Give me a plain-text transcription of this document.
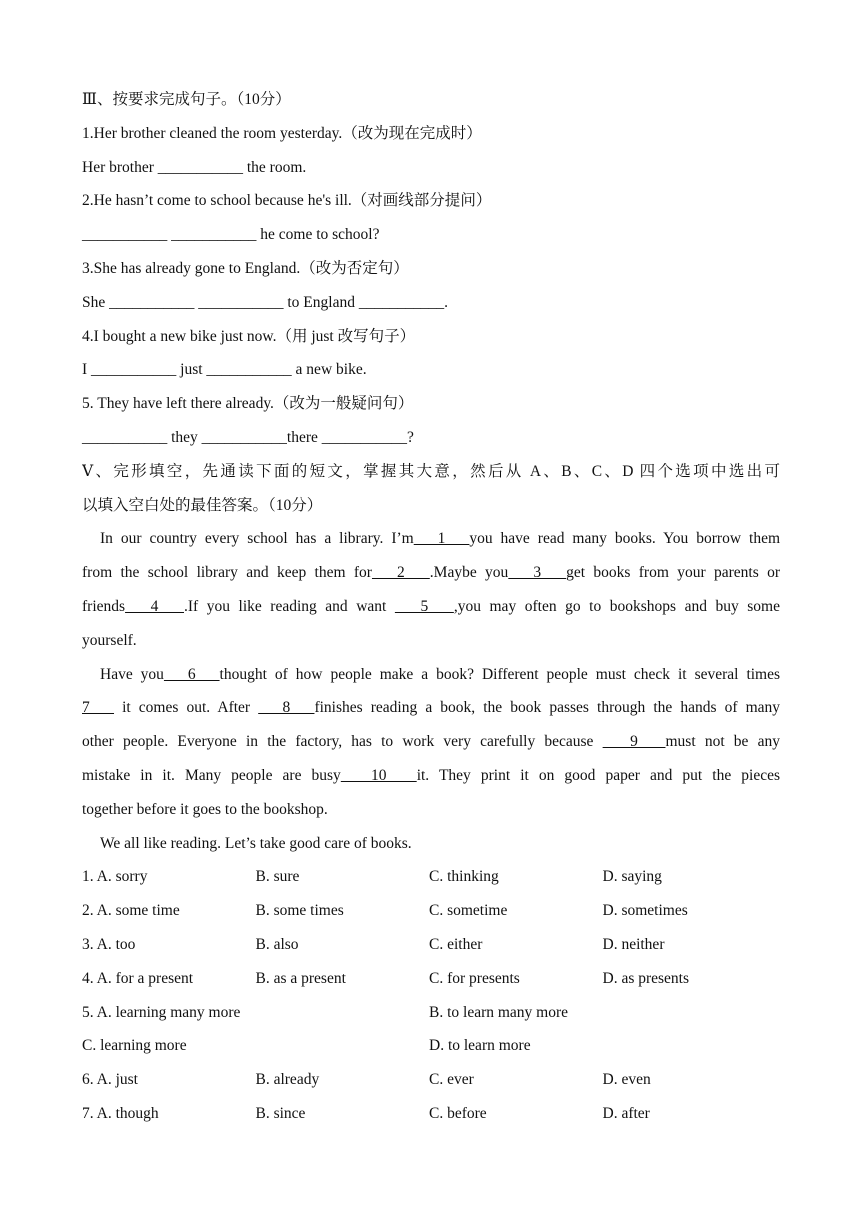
Ⅲ、按要求完成句子。（10分）
1.Her brother cleaned the room yesterday.（改为现在完成时）
Her brother ___________ the room.
2.He hasn’t come to school because he's ill.（对画线部分提问）
___________ ___________ he come to school?
3.She has already gone to England.（改为否定句）
She ___________ ___________ to England ___________.
4.I bought a new bike just now.（用 just 改写句子）
I ___________ just ___________ a new bike.
5. They have left there already.（改为一般疑问句）
___________ they ___________there ___________?
Ⅴ、完形填空，先通读下面的短文，掌握其大意，然后从 A、B、C、D 四个选项中选出可
以填入空白处的最佳答案。（10分）
In our country every school has a library. I’m   1   you have read many books. You borrow them
from the school library and keep them for   2   .Maybe you   3   get books from your parents or
friends   4   .If you like reading and want    5   ,you may often go to bookshops and buy some
yourself.
Have you   6   thought of how people make a book? Different people must check it several times
7    it comes out. After    8   finishes reading a book, the book passes through the hands of many
other people. Everyone in the factory, has to work very carefully because    9   must not be any
mistake in it. Many people are busy   10   it. They print it on good paper and put the pieces
together before it goes to the bookshop.
We all like reading. Let’s take good care of books.
1. A. sorry	B. sure	C. thinking	D. saying
2. A. some time	B. some times	C. sometime	D. sometimes
3. A. too	B. also	C. either	D. neither
4. A. for a present	B. as a present	C. for presents	D. as presents
5. A. learning many more	B. to learn many more
C. learning more	D. to learn more
6. A. just	B. already	C. ever	D. even
7. A. though	B. since	C. before	D. after
